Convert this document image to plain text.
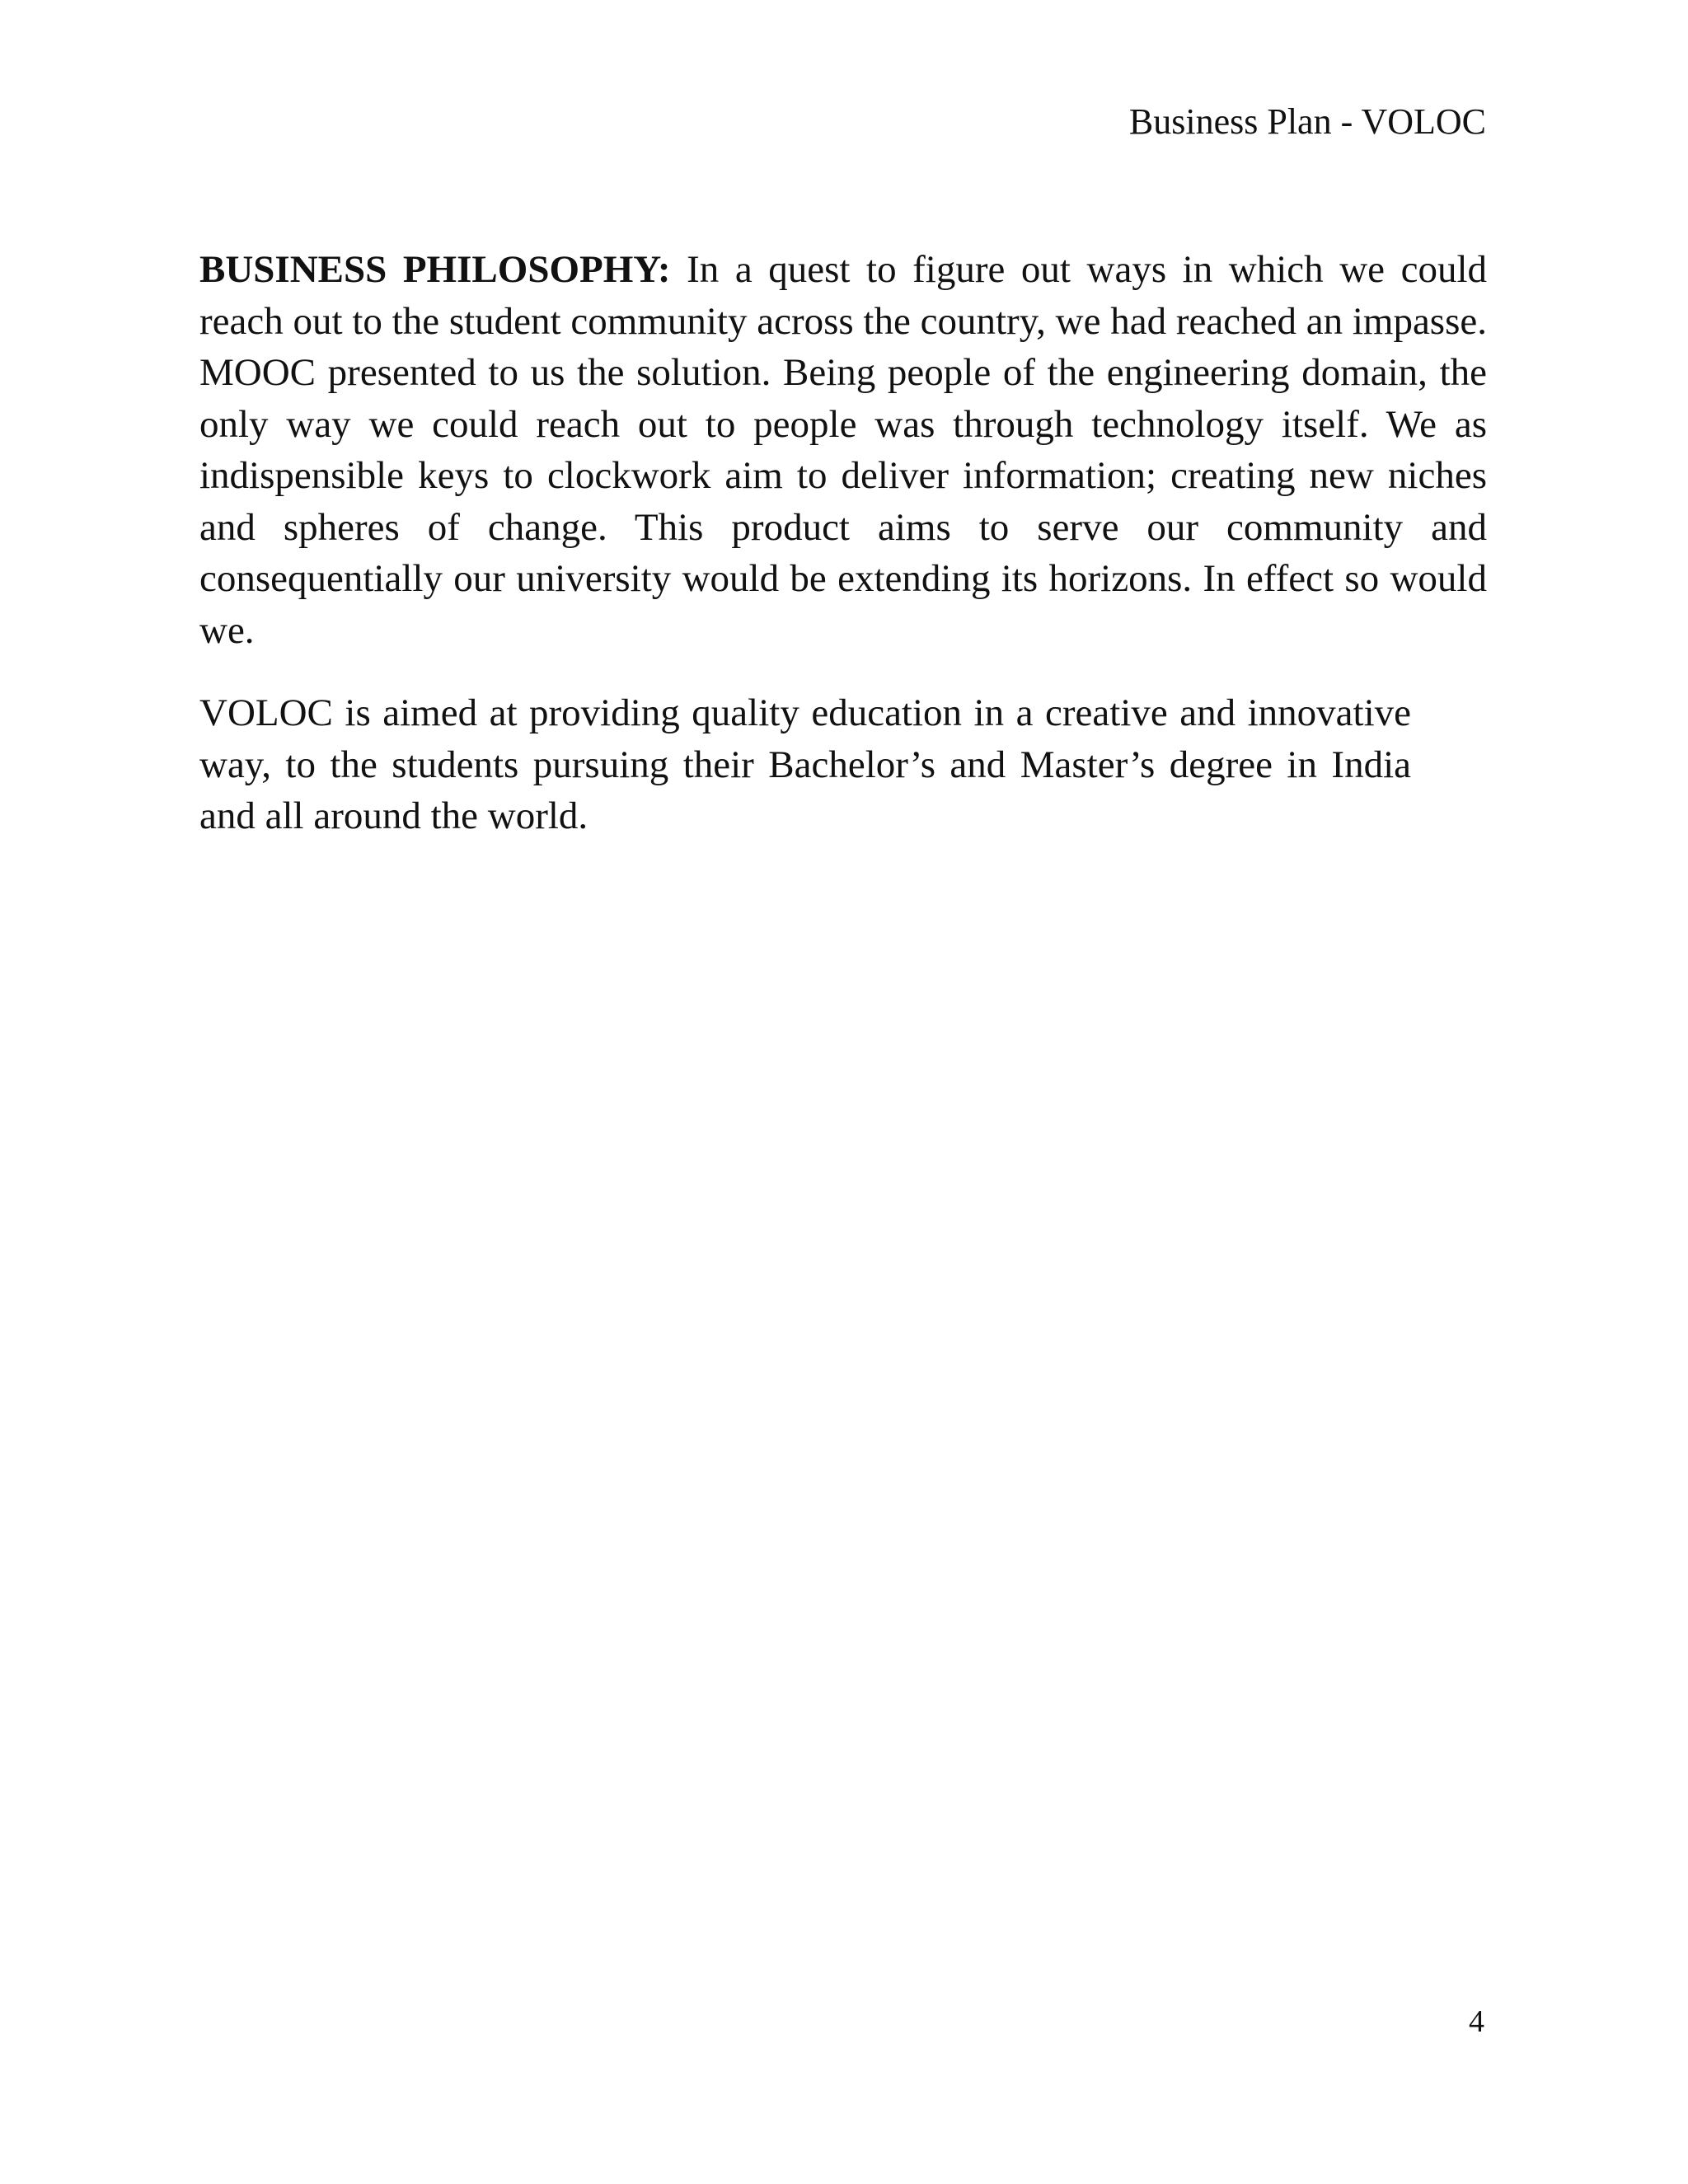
Business Plan - VOLOC

BUSINESS PHILOSOPHY: In a quest to figure out ways in which we could reach out to the student community across the country, we had reached an impasse. MOOC presented to us the solution. Being people of the engineering domain, the only way we could reach out to people was through technology itself. We as indispensible keys to clockwork aim to deliver information; creating new niches and spheres of change. This product aims to serve our community and consequentially our university would be extending its horizons. In effect so would we.

VOLOC is aimed at providing quality education in a creative and innovative way, to the students pursuing their Bachelor’s and Master’s degree in India and all around the world.

4
